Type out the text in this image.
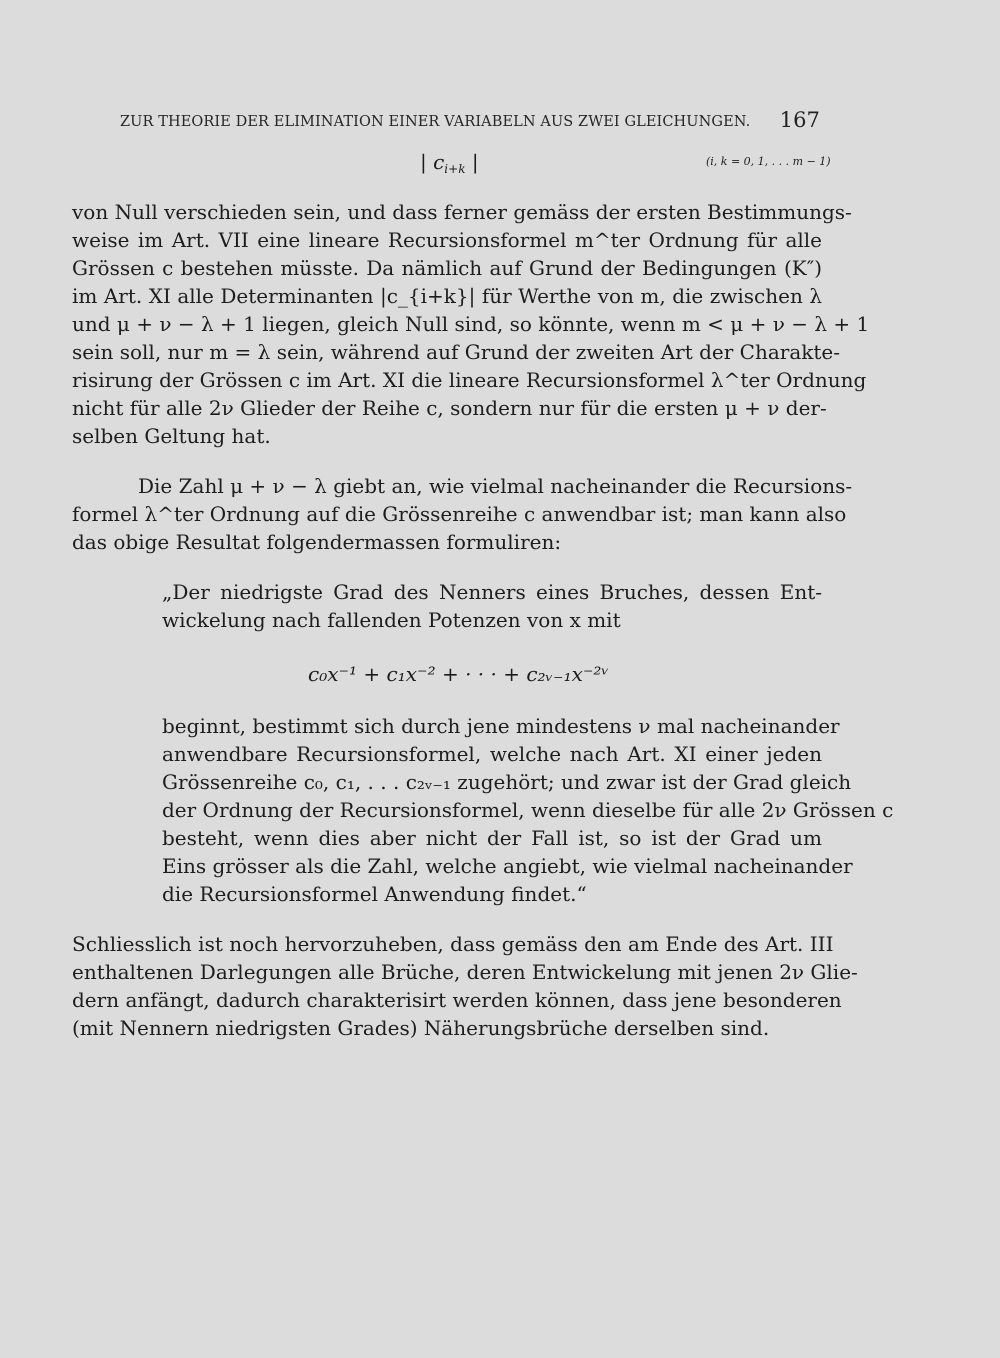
ZUR THEORIE DER ELIMINATION EINER VARIABELN AUS ZWEI GLEICHUNGEN. 167
| $c_{i+k}$ |	(i, k = 0, 1, . . . m − 1)
von Null verschieden sein, und dass ferner gemäss der ersten Bestimmungs-
weise im Art. VII eine lineare Recursionsformel m^ter Ordnung für alle
Grössen c bestehen müsste. Da nämlich auf Grund der Bedingungen (K″)
im Art. XI alle Determinanten |c_{i+k}| für Werthe von m, die zwischen λ
und μ + ν − λ + 1 liegen, gleich Null sind, so könnte, wenn m < μ + ν − λ + 1
sein soll, nur m = λ sein, während auf Grund der zweiten Art der Charakte-
risirung der Grössen c im Art. XI die lineare Recursionsformel λ^ter Ordnung
nicht für alle 2ν Glieder der Reihe c, sondern nur für die ersten μ + ν der-
selben Geltung hat.
Die Zahl μ + ν − λ giebt an, wie vielmal nacheinander die Recursions-
formel λ^ter Ordnung auf die Grössenreihe c anwendbar ist; man kann also
das obige Resultat folgendermassen formuliren:
„Der niedrigste Grad des Nenners eines Bruches, dessen Ent-
wickelung nach fallenden Potenzen von x mit
c₀x⁻¹ + c₁x⁻² + · · · + c₂ᵥ₋₁x⁻²ᵛ
beginnt, bestimmt sich durch jene mindestens ν mal nacheinander
anwendbare Recursionsformel, welche nach Art. XI einer jeden
Grössenreihe c₀, c₁, . . . c₂ᵥ₋₁ zugehört; und zwar ist der Grad gleich
der Ordnung der Recursionsformel, wenn dieselbe für alle 2ν Grössen c
besteht, wenn dies aber nicht der Fall ist, so ist der Grad um
Eins grösser als die Zahl, welche angiebt, wie vielmal nacheinander
die Recursionsformel Anwendung findet.“
Schliesslich ist noch hervorzuheben, dass gemäss den am Ende des Art. III
enthaltenen Darlegungen alle Brüche, deren Entwickelung mit jenen 2ν Glie-
dern anfängt, dadurch charakterisirt werden können, dass jene besonderen
(mit Nennern niedrigsten Grades) Näherungsbrüche derselben sind.
